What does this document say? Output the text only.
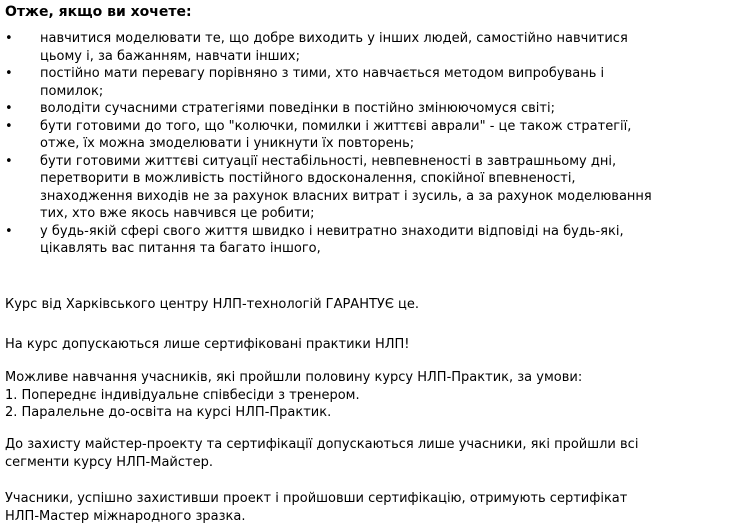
Отже, якщо ви хочете:
• навчитися моделювати те, що добре виходить у інших людей, самостійно навчитися
цьому і, за бажанням, навчати інших;
• постійно мати перевагу порівняно з тими, хто навчається методом випробувань і
помилок;
• володіти сучасними стратегіями поведінки в постійно змінюючомуся світі;
• бути готовими до того, що "колючки, помилки і життєві аврали" - це також стратегії,
отже, їх можна змоделювати і уникнути їх повторень;
• бути готовими життєві ситуації нестабільності, невпевненості в завтрашньому дні,
перетворити в можливість постійного вдосконалення, спокійної впевненості,
знаходження виходів не за рахунок власних витрат і зусиль, а за рахунок моделювання
тих, хто вже якось навчився це робити;
• у будь-якій сфері свого життя швидко і невитратно знаходити відповіді на будь-які,
цікавлять вас питання та багато іншого,
Курс від Харківського центру НЛП-технологій ГАРАНТУЄ це.
На курс допускаються лише сертифіковані практики НЛП!
Можливе навчання учасників, які пройшли половину курсу НЛП-Практик, за умови:
1. Попереднє індивідуальне співбесіди з тренером.
2. Паралельне до-освіта на курсі НЛП-Практик.
До захисту майстер-проекту та сертифікації допускаються лише учасники, які пройшли всі
сегменти курсу НЛП-Майстер.
Учасники, успішно захистивши проект і пройшовши сертифікацію, отримують сертифікат
НЛП-Мастер міжнародного зразка.
